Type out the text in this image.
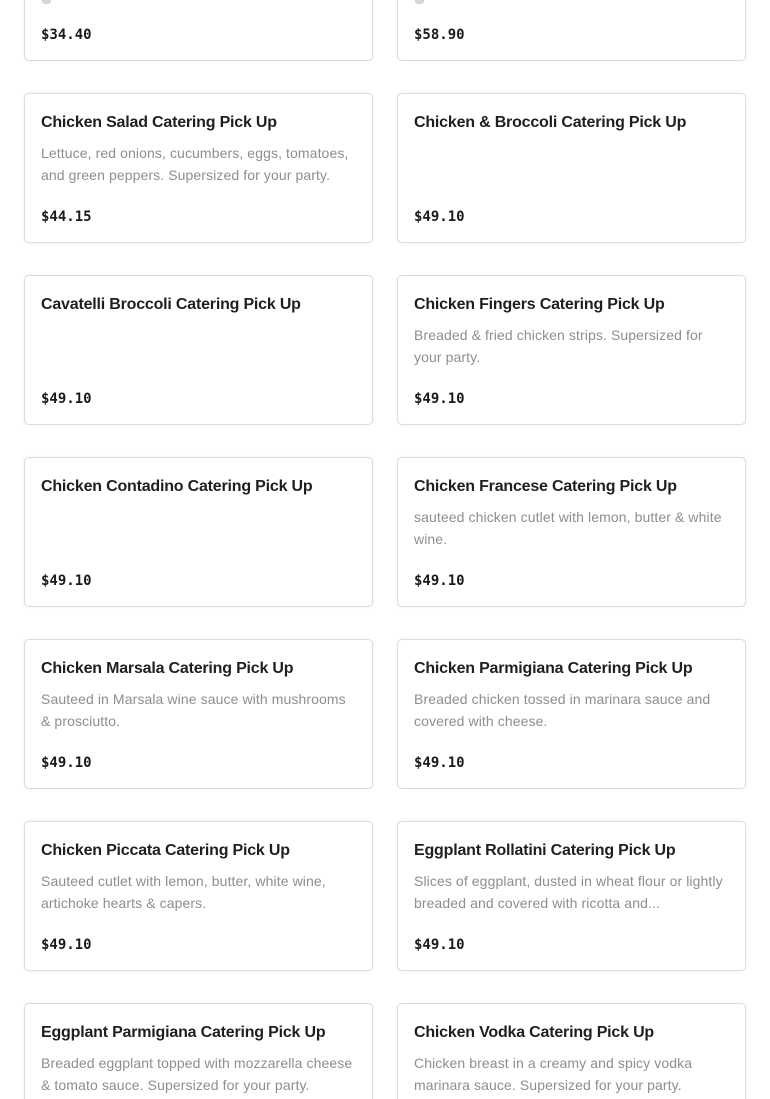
$34.40	$58.90
Chicken Salad Catering Pick Up

Lettuce, red onions, cucumbers, eggs, tomatoes, and green peppers. Supersized for your party.

$44.15
Chicken & Broccoli Catering Pick Up
$49.10
Cavatelli Broccoli Catering Pick Up
$49.10
Chicken Fingers Catering Pick Up

Breaded & fried chicken strips. Supersized for your party.

$49.10
Chicken Contadino Catering Pick Up
$49.10
Chicken Francese Catering Pick Up

sauteed chicken cutlet with lemon, butter & white wine.

$49.10
Chicken Marsala Catering Pick Up

Sauteed in Marsala wine sauce with mushrooms & prosciutto.

$49.10
Chicken Parmigiana Catering Pick Up

Breaded chicken tossed in marinara sauce and covered with cheese.

$49.10
Chicken Piccata Catering Pick Up

Sauteed cutlet with lemon, butter, white wine, artichoke hearts & capers.

$49.10
Eggplant Rollatini Catering Pick Up

Slices of eggplant, dusted in wheat flour or lightly breaded and covered with ricotta and...

$49.10
Eggplant Parmigiana Catering Pick Up

Breaded eggplant topped with mozzarella cheese & tomato sauce. Supersized for your party.

Chicken Vodka Catering Pick Up

Chicken breast in a creamy and spicy vodka marinara sauce. Supersized for your party.
